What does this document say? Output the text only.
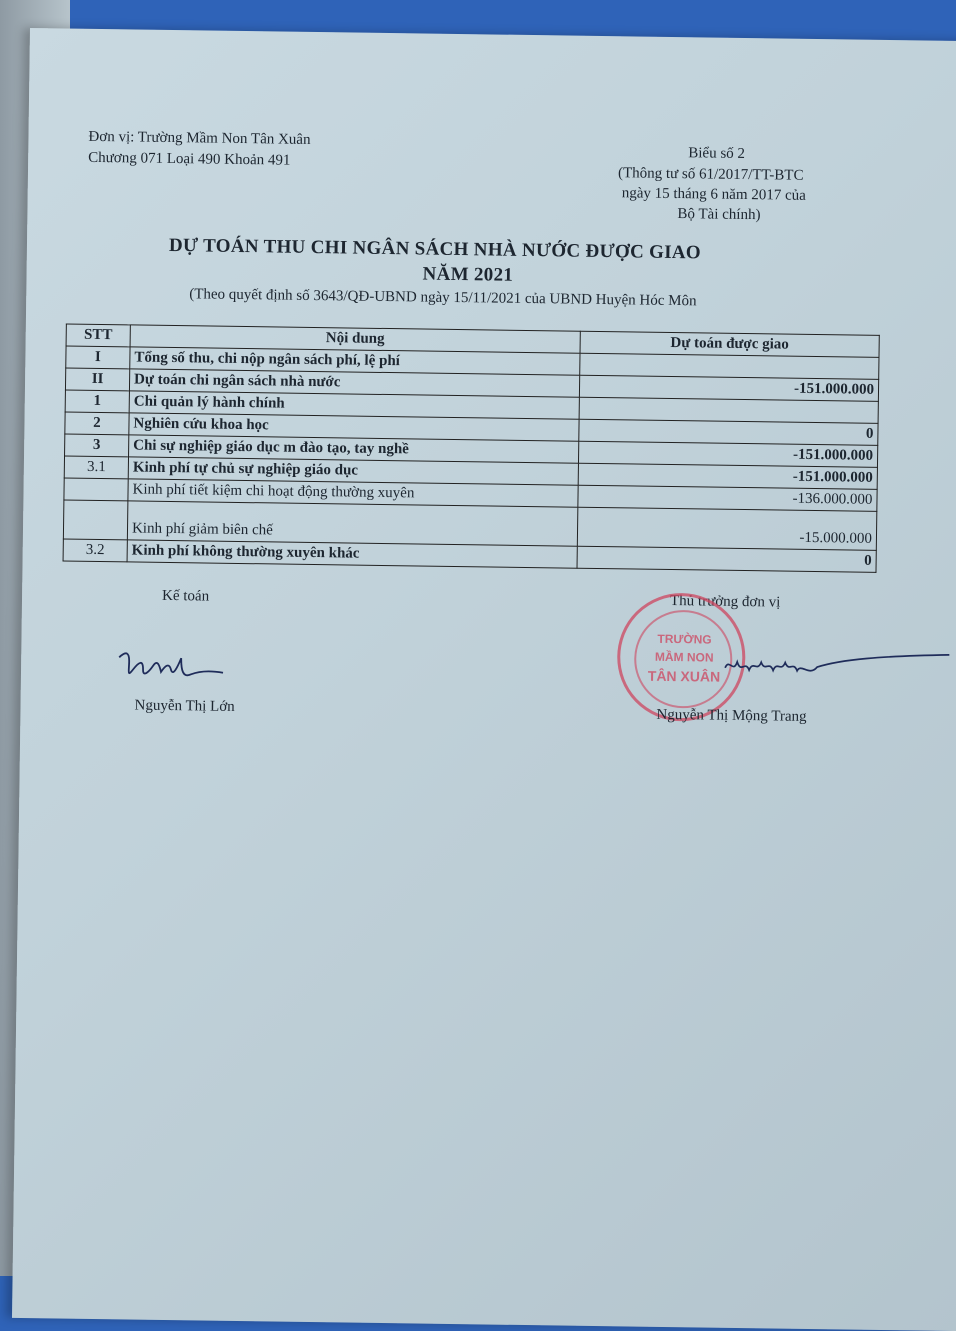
Đơn vị: Trường Mầm Non Tân Xuân
Chương 071 Loại 490 Khoản 491	Biểu số 2
(Thông tư số 61/2017/TT-BTC
ngày 15 tháng 6 năm 2017 của
Bộ Tài chính)
DỰ TOÁN THU CHI NGÂN SÁCH NHÀ NƯỚC ĐƯỢC GIAO
NĂM 2021
(Theo quyết định số 3643/QĐ-UBND ngày 15/11/2021 của UBND Huyện Hóc Môn
STT	Nội dung	Dự toán được giao
I	Tổng số thu, chi nộp ngân sách phí, lệ phí	
II	Dự toán chi ngân sách nhà nước	-151.000.000
1	Chi quản lý hành chính	
2	Nghiên cứu khoa học	0
3	Chi sự nghiệp giáo dục m đào tạo, tay nghề	-151.000.000
3.1	Kinh phí tự chủ sự nghiệp giáo dục	-151.000.000
	Kinh phí tiết kiệm chi hoạt động thường xuyên	-136.000.000
	Kinh phí giảm biên chế	-15.000.000
3.2	Kinh phí không thường xuyên khác	0
Kế toán	Thủ trưởng đơn vị
Nguyễn Thị Lớn
TRƯỜNG
MẦM NON
TÂN XUÂN
Nguyễn Thị Mộng Trang
